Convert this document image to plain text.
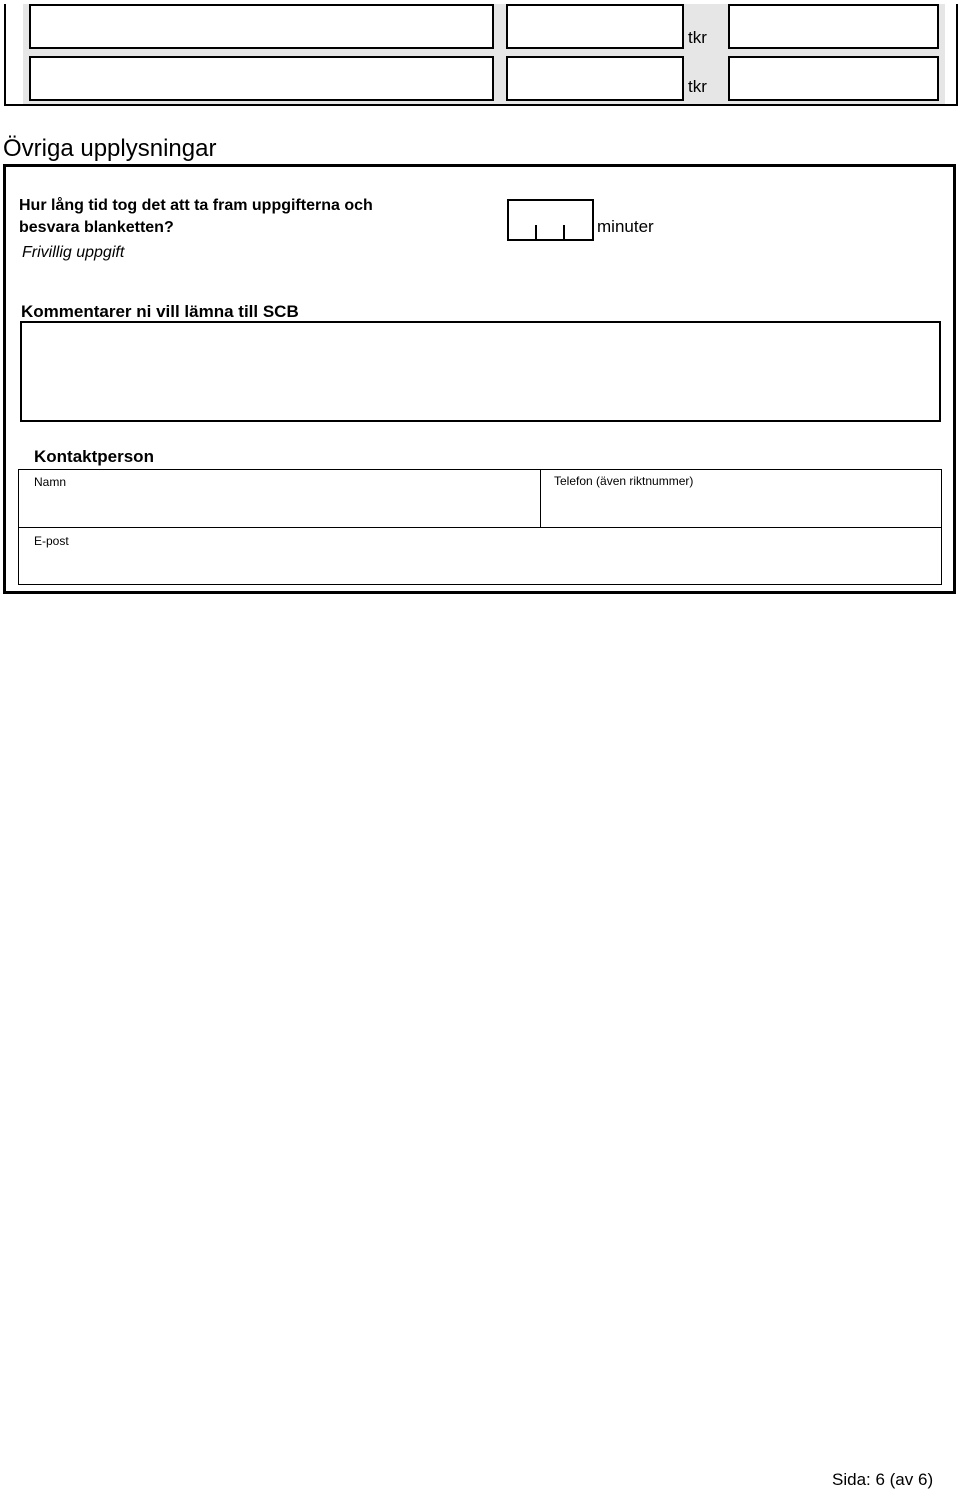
tkr
tkr
Övriga upplysningar
Hur lång tid tog det att ta fram uppgifterna och besvara blanketten?
Frivillig uppgift
minuter
Kommentarer ni vill lämna till SCB
Kontaktperson
Namn	Telefon (även riktnummer)
E-post
Sida: 6 (av 6)
